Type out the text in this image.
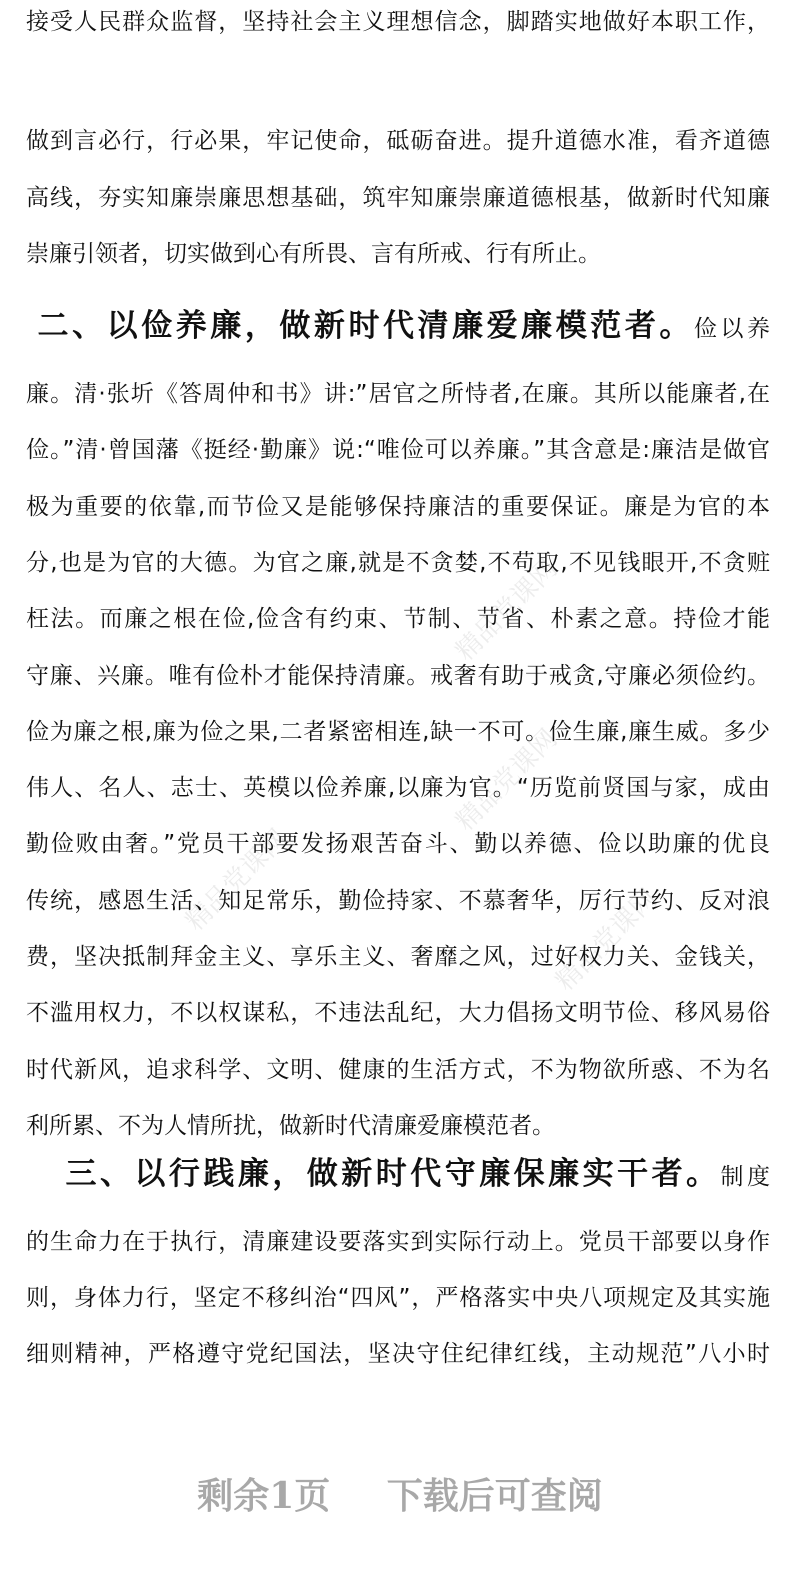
精品党课网
精品党课网
精品党课网
精品党课网
接受人民群众监督，坚持社会主义理想信念，脚踏实地做好本职工作，
做到言必行，行必果，牢记使命，砥砺奋进。提升道德水准，看齐道德
高线，夯实知廉崇廉思想基础，筑牢知廉崇廉道德根基，做新时代知廉
崇廉引领者，切实做到心有所畏、言有所戒、行有所止。
二、以俭养廉，做新时代清廉爱廉模范者。俭以养
廉。清·张圻《答周仲和书》讲:”居官之所恃者,在廉。其所以能廉者,在
俭。”清·曾国藩《挺经·勤廉》说:“唯俭可以养廉。”其含意是:廉洁是做官
极为重要的依靠,而节俭又是能够保持廉洁的重要保证。廉是为官的本
分,也是为官的大德。为官之廉,就是不贪婪,不苟取,不见钱眼开,不贪赃
枉法。而廉之根在俭,俭含有约束、节制、节省、朴素之意。持俭才能
守廉、兴廉。唯有俭朴才能保持清廉。戒奢有助于戒贪,守廉必须俭约。
俭为廉之根,廉为俭之果,二者紧密相连,缺一不可。俭生廉,廉生威。多少
伟人、名人、志士、英模以俭养廉,以廉为官。“历览前贤国与家，成由
勤俭败由奢。”党员干部要发扬艰苦奋斗、勤以养德、俭以助廉的优良
传统，感恩生活、知足常乐，勤俭持家、不慕奢华，厉行节约、反对浪
费，坚决抵制拜金主义、享乐主义、奢靡之风，过好权力关、金钱关，
不滥用权力，不以权谋私，不违法乱纪，大力倡扬文明节俭、移风易俗
时代新风，追求科学、文明、健康的生活方式，不为物欲所惑、不为名
利所累、不为人情所扰，做新时代清廉爱廉模范者。
三、以行践廉，做新时代守廉保廉实干者。制度
的生命力在于执行，清廉建设要落实到实际行动上。党员干部要以身作
则，身体力行，坚定不移纠治“四风”，严格落实中央八项规定及其实施
细则精神，严格遵守党纪国法，坚决守住纪律红线，主动规范”八小时
剩余1页 下载后可查阅
